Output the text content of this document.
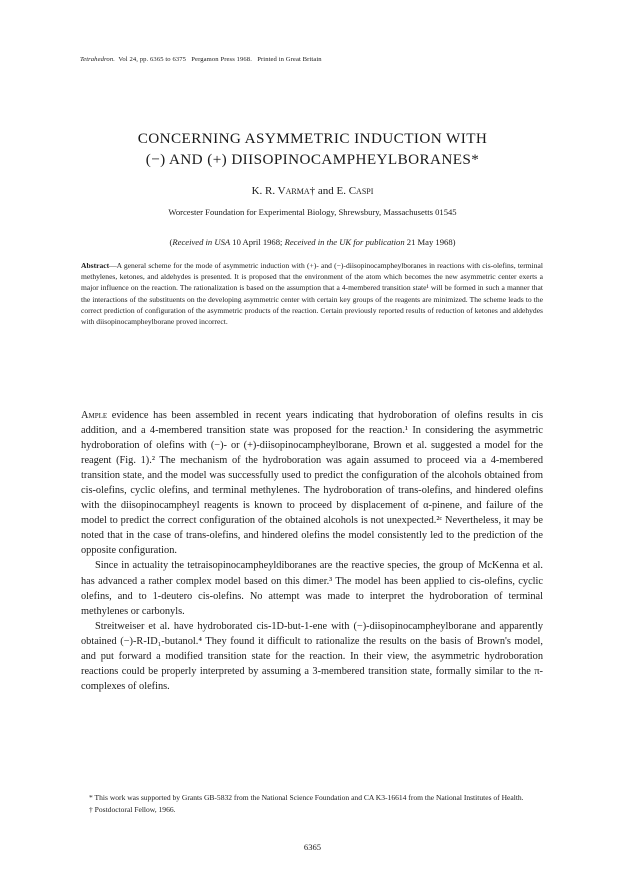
Tetrahedron. Vol 24, pp. 6365 to 6375 Pergamon Press 1968. Printed in Great Britain
CONCERNING ASYMMETRIC INDUCTION WITH
(−) AND (+) DIISOPINOCAMPHEYLBORANES*
K. R. Varma† and E. Caspi
Worcester Foundation for Experimental Biology, Shrewsbury, Massachusetts 01545
(Received in USA 10 April 1968; Received in the UK for publication 21 May 1968)

Abstract—A general scheme for the mode of asymmetric induction with (+)- and (−)-diisopinocampheylboranes in reactions with cis-olefins, terminal methylenes, ketones, and aldehydes is presented. It is proposed that the environment of the atom which becomes the new asymmetric center exerts a major influence on the reaction. The rationalization is based on the assumption that a 4-membered transition state¹ will be formed in such a manner that the interactions of the substituents on the developing asymmetric center with certain key groups of the reagents are minimized. The scheme leads to the correct prediction of configuration of the asymmetric products of the reaction. Certain previously reported results of reduction of ketones and aldehydes with diisopinocampheylborane proved incorrect.

Ample evidence has been assembled in recent years indicating that hydroboration of olefins results in cis addition, and a 4-membered transition state was proposed for the reaction.¹ In considering the asymmetric hydroboration of olefins with (−)- or (+)-diisopinocampheylborane, Brown et al. suggested a model for the reagent (Fig. 1).² The mechanism of the hydroboration was again assumed to proceed via a 4-membered transition state, and the model was successfully used to predict the configuration of the alcohols obtained from cis-olefins, cyclic olefins, and terminal methylenes. The hydroboration of trans-olefins, and hindered olefins with the diisopinocampheyl reagents is known to proceed by displacement of α-pinene, and failure of the model to predict the correct configuration of the obtained alcohols is not unexpected.²ᶜ Nevertheless, it may be noted that in the case of trans-olefins, and hindered olefins the model consistently led to the prediction of the opposite configuration.

Since in actuality the tetraisopinocampheyldiboranes are the reactive species, the group of McKenna et al. has advanced a rather complex model based on this dimer.³ The model has been applied to cis-olefins, cyclic olefins, and to 1-deutero cis-olefins. No attempt was made to interpret the hydroboration of terminal methylenes or carbonyls.

Streitweiser et al. have hydroborated cis-1D-but-1-ene with (−)-diisopinocampheylborane and apparently obtained (−)-R-ID₁-butanol.⁴ They found it difficult to rationalize the results on the basis of Brown's model, and put forward a modified transition state for the reaction. In their view, the asymmetric hydroboration reactions could be properly interpreted by assuming a 3-membered transition state, formally similar to the π-complexes of olefins.

* This work was supported by Grants GB-5832 from the National Science Foundation and CA K3-16614 from the National Institutes of Health.

† Postdoctoral Fellow, 1966.

6365
